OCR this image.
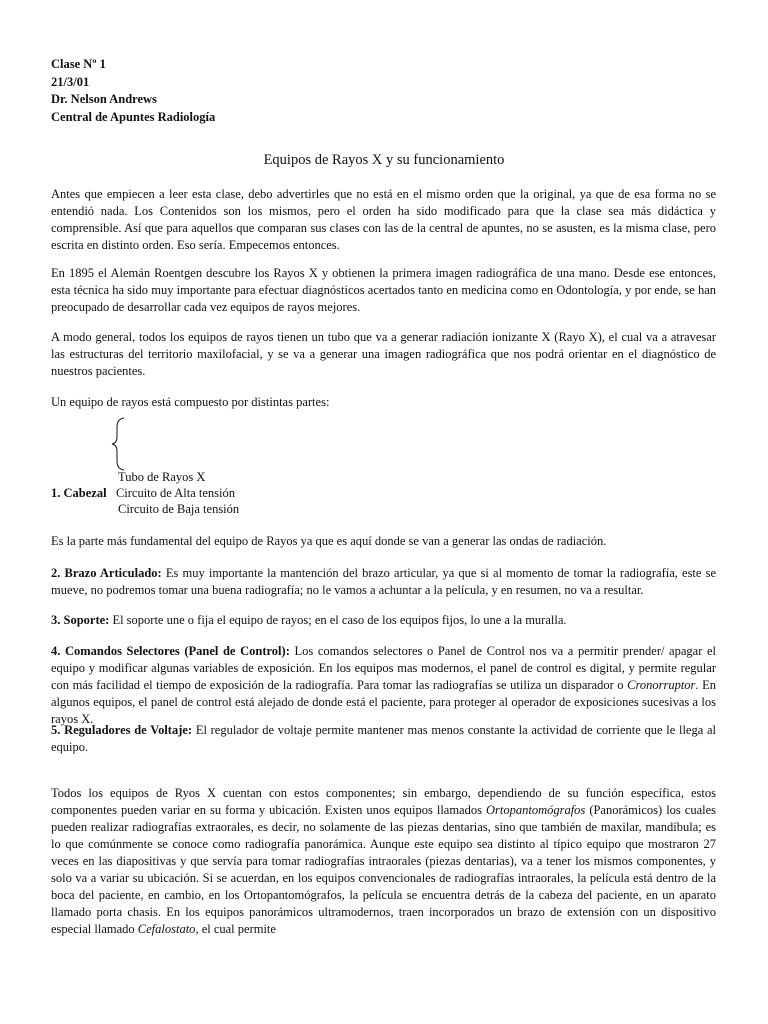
Clase Nº 1
21/3/01
Dr. Nelson Andrews
Central de Apuntes Radiología
Equipos de Rayos X y su funcionamiento
Antes que empiecen a leer esta clase, debo advertirles que no está en el mismo orden que la original, ya que de esa forma no se entendió nada. Los Contenidos son los mismos, pero el orden ha sido modificado para que la clase sea más didáctica y comprensible. Así que para aquellos que comparan sus clases con las de la central de apuntes, no se asusten, es la misma clase, pero escrita en distinto orden. Eso sería. Empecemos entonces.
En 1895 el Alemán Roentgen descubre los Rayos X y obtienen la primera imagen radiográfica de una mano. Desde ese entonces, esta técnica ha sido muy importante para efectuar diagnósticos acertados tanto en medicina como en Odontología, y por ende, se han preocupado de desarrollar cada vez equipos de rayos mejores.
A modo general, todos los equipos de rayos tienen un tubo que va a generar radiación ionizante X (Rayo X), el cual va a atravesar las estructuras del territorio maxilofacial, y se va a generar una imagen radiográfica que nos podrá orientar en el diagnóstico de nuestros pacientes.
Un equipo de rayos está compuesto por distintas partes:
Tubo de Rayos X
1. Cabezal Circuito de Alta tensión
Circuito de Baja tensión
Es la parte más fundamental del equipo de Rayos ya que es aquí donde se van a generar las ondas de radiación.
2. Brazo Articulado: Es muy importante la mantención del brazo articular, ya que si al momento de tomar la radiografía, este se mueve, no podremos tomar una buena radiografía; no le vamos a achuntar a la película, y en resumen, no va a resultar.
3. Soporte: El soporte une o fija el equipo de rayos; en el caso de los equipos fijos, lo une a la muralla.
4. Comandos Selectores (Panel de Control): Los comandos selectores o Panel de Control nos va a permitir prender/ apagar el equipo y modificar algunas variables de exposición. En los equipos mas modernos, el panel de control es digital, y permite regular con más facilidad el tiempo de exposición de la radiografía. Para tomar las radiografías se utiliza un disparador o Cronorruptor. En algunos equipos, el panel de control está alejado de donde está el paciente, para proteger al operador de exposiciones sucesivas a los rayos X.
5. Reguladores de Voltaje: El regulador de voltaje permite mantener mas menos constante la actividad de corriente que le llega al equipo.
Todos los equipos de Ryos X cuentan con estos componentes; sin embargo, dependiendo de su función específica, estos componentes pueden variar en su forma y ubicación. Existen unos equipos llamados Ortopantomógrafos (Panorámicos) los cuales pueden realizar radiografías extraorales, es decir, no solamente de las piezas dentarias, sino que también de maxilar, mandíbula; es lo que comúnmente se conoce como radiografía panorámica. Aunque este equipo sea distinto al típico equipo que mostraron 27 veces en las diapositivas y que servía para tomar radiografías intraorales (piezas dentarias), va a tener los mismos componentes, y solo va a variar su ubicación. Si se acuerdan, en los equipos convencionales de radiografías intraorales, la película está dentro de la boca del paciente, en cambio, en los Ortopantomógrafos, la película se encuentra detrás de la cabeza del paciente, en un aparato llamado porta chasis. En los equipos panorámicos ultramodernos, traen incorporados un brazo de extensión con un dispositivo especial llamado Cefalostato, el cual permite
